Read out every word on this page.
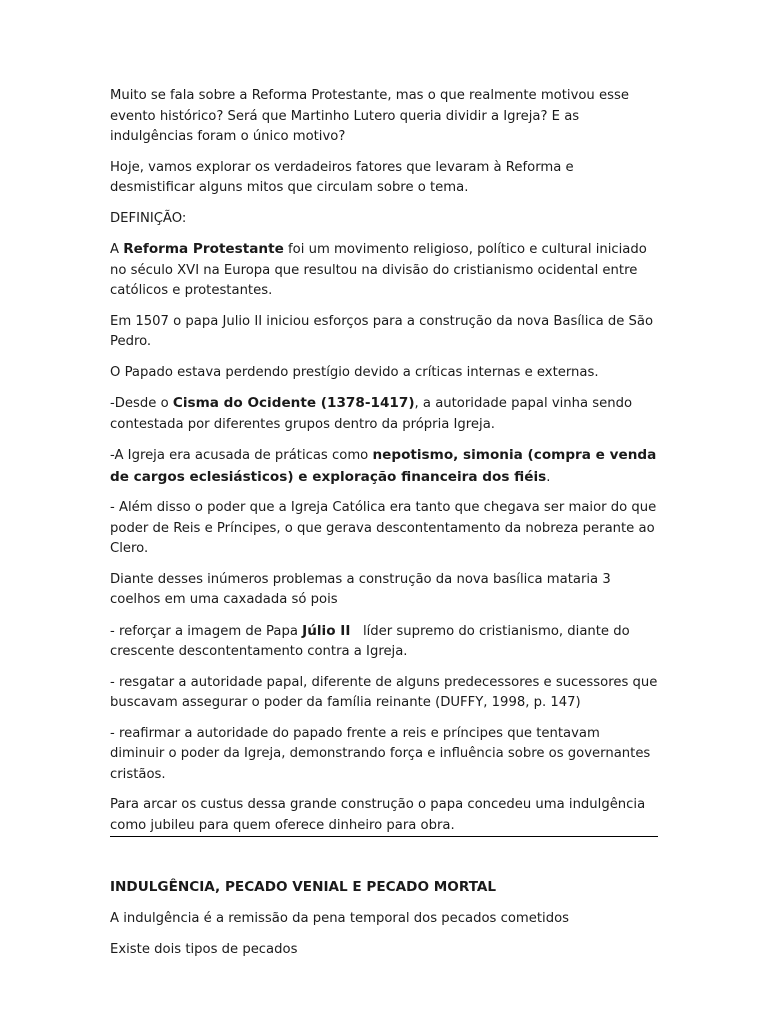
Muito se fala sobre a Reforma Protestante, mas o que realmente motivou esse evento histórico? Será que Martinho Lutero queria dividir a Igreja? E as indulgências foram o único motivo?

Hoje, vamos explorar os verdadeiros fatores que levaram à Reforma e desmistificar alguns mitos que circulam sobre o tema.

DEFINIÇÃO:

A Reforma Protestante foi um movimento religioso, político e cultural iniciado no século XVI na Europa que resultou na divisão do cristianismo ocidental entre católicos e protestantes.

Em 1507 o papa Julio II iniciou esforços para a construção da nova Basílica de São Pedro.

O Papado estava perdendo prestígio devido a críticas internas e externas.

-Desde o Cisma do Ocidente (1378-1417), a autoridade papal vinha sendo contestada por diferentes grupos dentro da própria Igreja.

-A Igreja era acusada de práticas como nepotismo, simonia (compra e venda de cargos eclesiásticos) e exploração financeira dos fiéis.

- Além disso o poder que a Igreja Católica era tanto que chegava ser maior do que poder de Reis e Príncipes, o que gerava descontentamento da nobreza perante ao Clero.

Diante desses inúmeros problemas a construção da nova basílica mataria 3 coelhos em uma caxadada só pois

- reforçar a imagem de Papa Júlio II   líder supremo do cristianismo, diante do crescente descontentamento contra a Igreja.

- resgatar a autoridade papal, diferente de alguns predecessores e sucessores que buscavam assegurar o poder da família reinante (DUFFY, 1998, p. 147)

- reafirmar a autoridade do papado frente a reis e príncipes que tentavam diminuir o poder da Igreja, demonstrando força e influência sobre os governantes cristãos.

Para arcar os custus dessa grande construção o papa concedeu uma indulgência como jubileu para quem oferece dinheiro para obra.

INDULGÊNCIA, PECADO VENIAL E PECADO MORTAL

A indulgência é a remissão da pena temporal dos pecados cometidos

Existe dois tipos de pecados
